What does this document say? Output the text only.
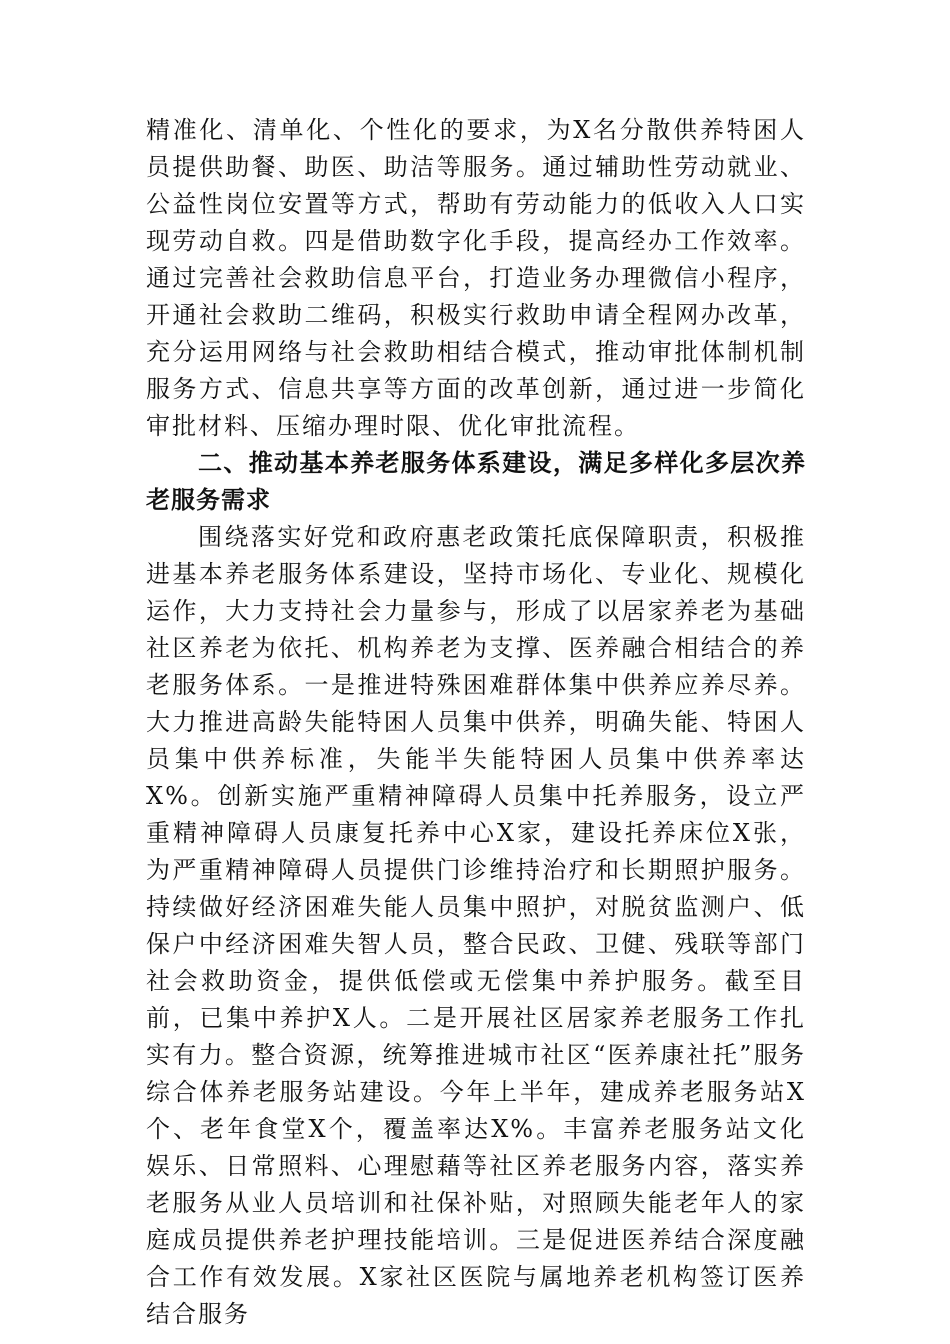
精准化、清单化、个性化的要求，为X名分散供养特困人员提供助餐、助医、助洁等服务。通过辅助性劳动就业、公益性岗位安置等方式，帮助有劳动能力的低收入人口实现劳动自救。四是借助数字化手段，提高经办工作效率。通过完善社会救助信息平台，打造业务办理微信小程序，开通社会救助二维码，积极实行救助申请全程网办改革，充分运用网络与社会救助相结合模式，推动审批体制机制服务方式、信息共享等方面的改革创新，通过进一步简化审批材料、压缩办理时限、优化审批流程。

二、推动基本养老服务体系建设，满足多样化多层次养老服务需求

围绕落实好党和政府惠老政策托底保障职责，积极推进基本养老服务体系建设，坚持市场化、专业化、规模化运作，大力支持社会力量参与，形成了以居家养老为基础社区养老为依托、机构养老为支撑、医养融合相结合的养老服务体系。一是推进特殊困难群体集中供养应养尽养。大力推进高龄失能特困人员集中供养，明确失能、特困人员集中供养标准，失能半失能特困人员集中供养率达X%。创新实施严重精神障碍人员集中托养服务，设立严重精神障碍人员康复托养中心X家，建设托养床位X张，为严重精神障碍人员提供门诊维持治疗和长期照护服务。持续做好经济困难失能人员集中照护，对脱贫监测户、低保户中经济困难失智人员，整合民政、卫健、残联等部门社会救助资金，提供低偿或无偿集中养护服务。截至目前，已集中养护X人。二是开展社区居家养老服务工作扎实有力。整合资源，统筹推进城市社区“医养康社托”服务综合体养老服务站建设。今年上半年，建成养老服务站X个、老年食堂X个，覆盖率达X%。丰富养老服务站文化娱乐、日常照料、心理慰藉等社区养老服务内容，落实养老服务从业人员培训和社保补贴，对照顾失能老年人的家庭成员提供养老护理技能培训。三是促进医养结合深度融合工作有效发展。X家社区医院与属地养老机构签订医养结合服务
